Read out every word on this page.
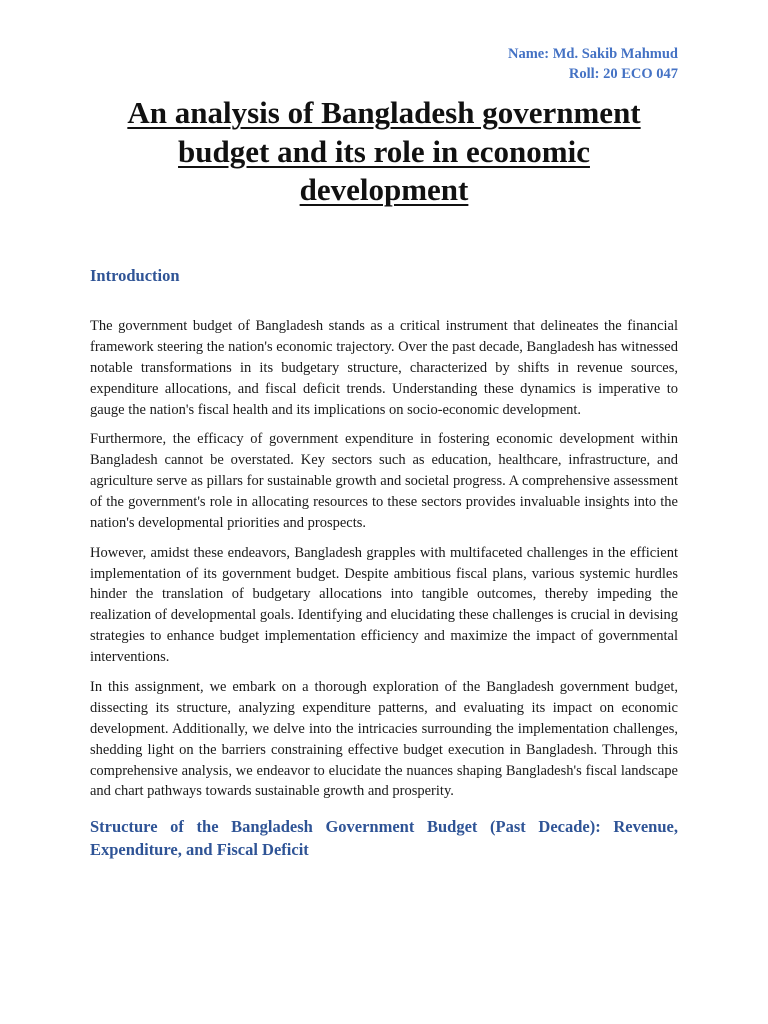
Name: Md. Sakib Mahmud
Roll: 20 ECO 047
An analysis of Bangladesh government budget and its role in economic development
Introduction

The government budget of Bangladesh stands as a critical instrument that delineates the financial framework steering the nation's economic trajectory. Over the past decade, Bangladesh has witnessed notable transformations in its budgetary structure, characterized by shifts in revenue sources, expenditure allocations, and fiscal deficit trends. Understanding these dynamics is imperative to gauge the nation's fiscal health and its implications on socio-economic development.

Furthermore, the efficacy of government expenditure in fostering economic development within Bangladesh cannot be overstated. Key sectors such as education, healthcare, infrastructure, and agriculture serve as pillars for sustainable growth and societal progress. A comprehensive assessment of the government's role in allocating resources to these sectors provides invaluable insights into the nation's developmental priorities and prospects.

However, amidst these endeavors, Bangladesh grapples with multifaceted challenges in the efficient implementation of its government budget. Despite ambitious fiscal plans, various systemic hurdles hinder the translation of budgetary allocations into tangible outcomes, thereby impeding the realization of developmental goals. Identifying and elucidating these challenges is crucial in devising strategies to enhance budget implementation efficiency and maximize the impact of governmental interventions.

In this assignment, we embark on a thorough exploration of the Bangladesh government budget, dissecting its structure, analyzing expenditure patterns, and evaluating its impact on economic development. Additionally, we delve into the intricacies surrounding the implementation challenges, shedding light on the barriers constraining effective budget execution in Bangladesh. Through this comprehensive analysis, we endeavor to elucidate the nuances shaping Bangladesh's fiscal landscape and chart pathways towards sustainable growth and prosperity.

Structure of the Bangladesh Government Budget (Past Decade): Revenue, Expenditure, and Fiscal Deficit
